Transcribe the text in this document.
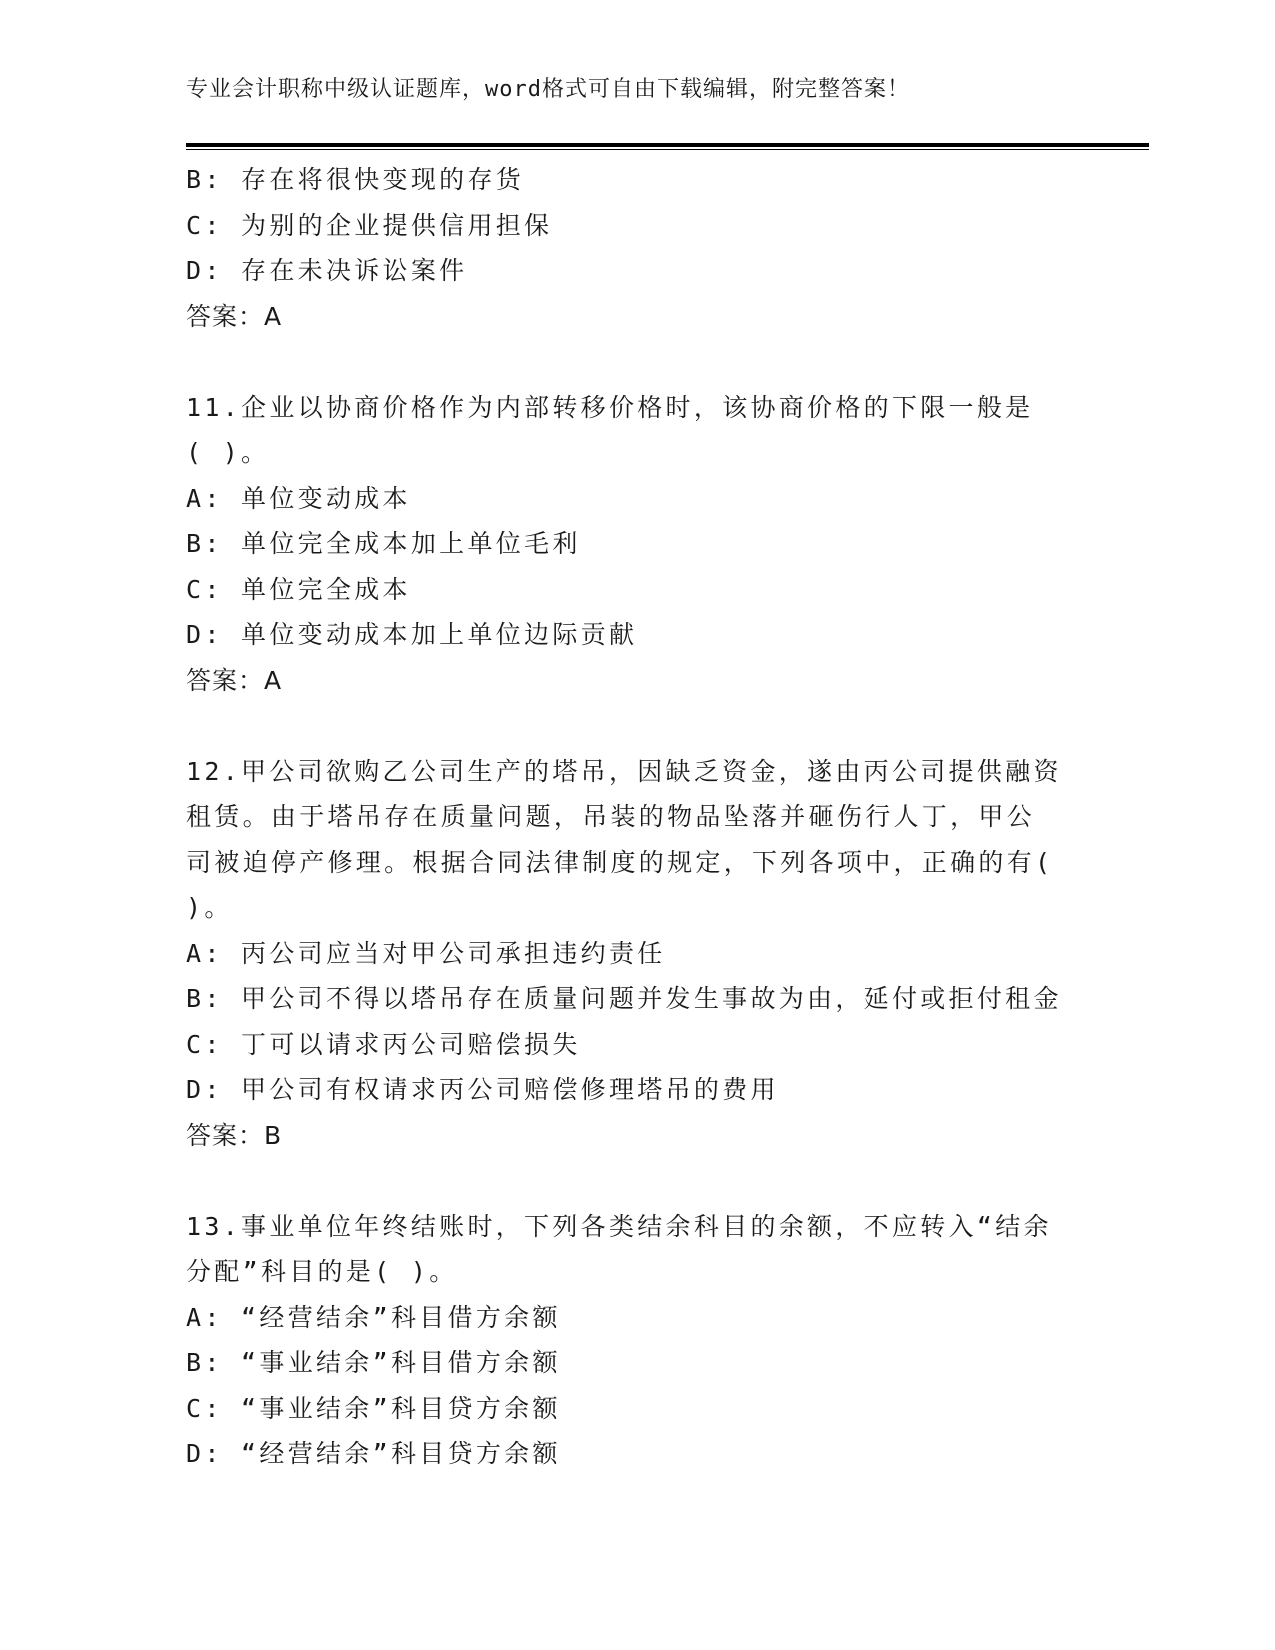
专业会计职称中级认证题库，word格式可自由下载编辑，附完整答案！
B: 存在将很快变现的存货
C: 为别的企业提供信用担保
D: 存在未决诉讼案件
答案：A
11.企业以协商价格作为内部转移价格时，该协商价格的下限一般是
( )。
A: 单位变动成本
B: 单位完全成本加上单位毛利
C: 单位完全成本
D: 单位变动成本加上单位边际贡献
答案：A
12.甲公司欲购乙公司生产的塔吊，因缺乏资金，遂由丙公司提供融资
租赁。由于塔吊存在质量问题，吊装的物品坠落并砸伤行人丁，甲公
司被迫停产修理。根据合同法律制度的规定，下列各项中，正确的有(
)。
A: 丙公司应当对甲公司承担违约责任
B: 甲公司不得以塔吊存在质量问题并发生事故为由，延付或拒付租金
C: 丁可以请求丙公司赔偿损失
D: 甲公司有权请求丙公司赔偿修理塔吊的费用
答案：B
13.事业单位年终结账时，下列各类结余科目的余额，不应转入“结余
分配”科目的是( )。
A: “经营结余”科目借方余额
B: “事业结余”科目借方余额
C: “事业结余”科目贷方余额
D: “经营结余”科目贷方余额
